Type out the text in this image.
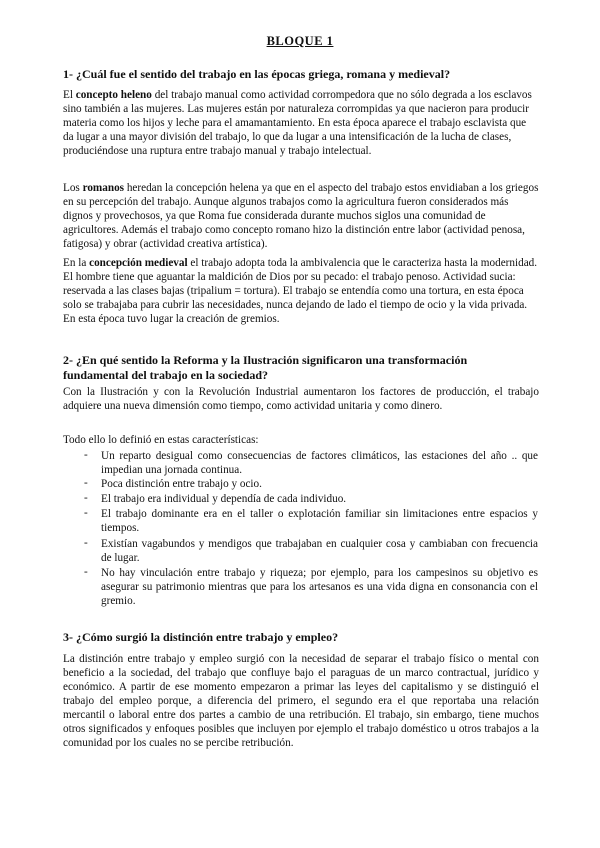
BLOQUE 1
1- ¿Cuál fue el sentido del trabajo en las épocas griega, romana y medieval?

El concepto heleno del trabajo manual como actividad corrompedora que no sólo degrada a los esclavos sino también a las mujeres. Las mujeres están por naturaleza corrompidas ya que nacieron para producir materia como los hijos y leche para el amamantamiento. En esta época aparece el trabajo esclavista que da lugar a una mayor división del trabajo, lo que da lugar a una intensificación de la lucha de clases, produciéndose una ruptura entre trabajo manual y trabajo intelectual.

Los romanos heredan la concepción helena ya que en el aspecto del trabajo estos envidiaban a los griegos en su percepción del trabajo. Aunque algunos trabajos como la agricultura fueron considerados más dignos y provechosos, ya que Roma fue considerada durante muchos siglos una comunidad de agricultores. Además el trabajo como concepto romano hizo la distinción entre labor (actividad penosa, fatigosa) y obrar (actividad creativa artística).

En la concepción medieval el trabajo adopta toda la ambivalencia que le caracteriza hasta la modernidad. El hombre tiene que aguantar la maldición de Dios por su pecado: el trabajo penoso. Actividad sucia: reservada a las clases bajas (tripalium = tortura). El trabajo se entendía como una tortura, en esta época solo se trabajaba para cubrir las necesidades, nunca dejando de lado el tiempo de ocio y la vida privada. En esta época tuvo lugar la creación de gremios.

2- ¿En qué sentido la Reforma y la Ilustración significaron una transformación fundamental del trabajo en la sociedad?

Con la Ilustración y con la Revolución Industrial aumentaron los factores de producción, el trabajo adquiere una nueva dimensión como tiempo, como actividad unitaria y como dinero.

Todo ello lo definió en estas características:

- Un reparto desigual como consecuencias de factores climáticos, las estaciones del año .. que impedian una jornada continua.
- Poca distinción entre trabajo y ocio.
- El trabajo era individual y dependía de cada individuo.
- El trabajo dominante era en el taller o explotación familiar sin limitaciones entre espacios y tiempos.
- Existían vagabundos y mendigos que trabajaban en cualquier cosa y cambiaban con frecuencia de lugar.
- No hay vinculación entre trabajo y riqueza; por ejemplo, para los campesinos su objetivo es asegurar su patrimonio mientras que para los artesanos es una vida digna en consonancia con el gremio.
3- ¿Cómo surgió la distinción entre trabajo y empleo?

La distinción entre trabajo y empleo surgió con la necesidad de separar el trabajo físico o mental con beneficio a la sociedad, del trabajo que confluye bajo el paraguas de un marco contractual, jurídico y económico. A partir de ese momento empezaron a primar las leyes del capitalismo y se distinguió el trabajo del empleo porque, a diferencia del primero, el segundo era el que reportaba una relación mercantil o laboral entre dos partes a cambio de una retribución. El trabajo, sin embargo, tiene muchos otros significados y enfoques posibles que incluyen por ejemplo el trabajo doméstico u otros trabajos a la comunidad por los cuales no se percibe retribución.
